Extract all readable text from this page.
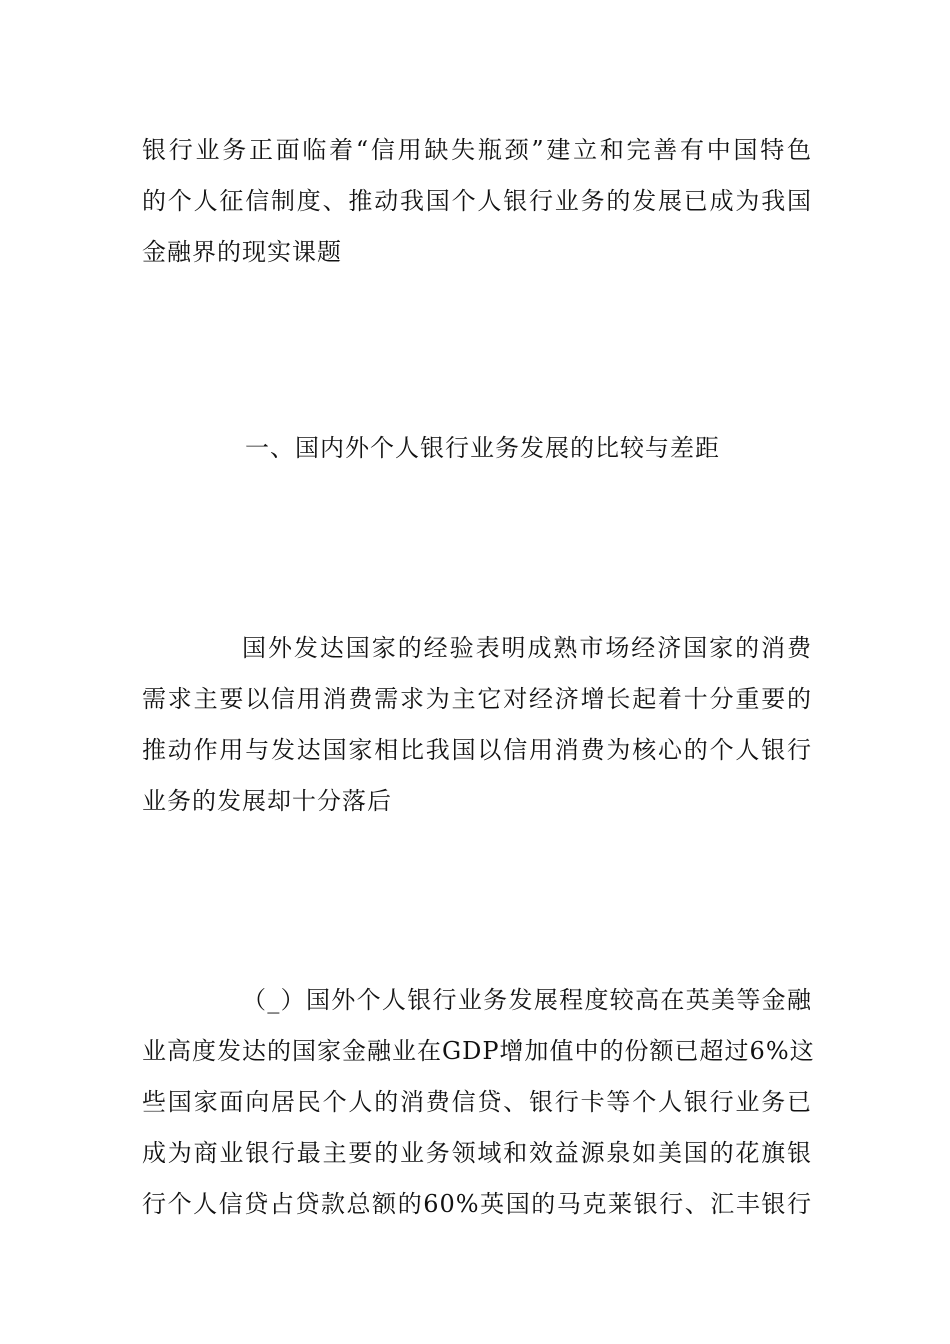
银行业务正面临着“信用缺失瓶颈”建立和完善有中国特色
的个人征信制度、推动我国个人银行业务的发展已成为我国
金融界的现实课题
一、国内外个人银行业务发展的比较与差距
国外发达国家的经验表明成熟市场经济国家的消费
需求主要以信用消费需求为主它对经济增长起着十分重要的
推动作用与发达国家相比我国以信用消费为核心的个人银行
业务的发展却十分落后
（_）国外个人银行业务发展程度较高在英美等金融
业高度发达的国家金融业在GDP增加值中的份额已超过6%这
些国家面向居民个人的消费信贷、银行卡等个人银行业务已
成为商业银行最主要的业务领域和效益源泉如美国的花旗银
行个人信贷占贷款总额的60%英国的马克莱银行、汇丰银行
